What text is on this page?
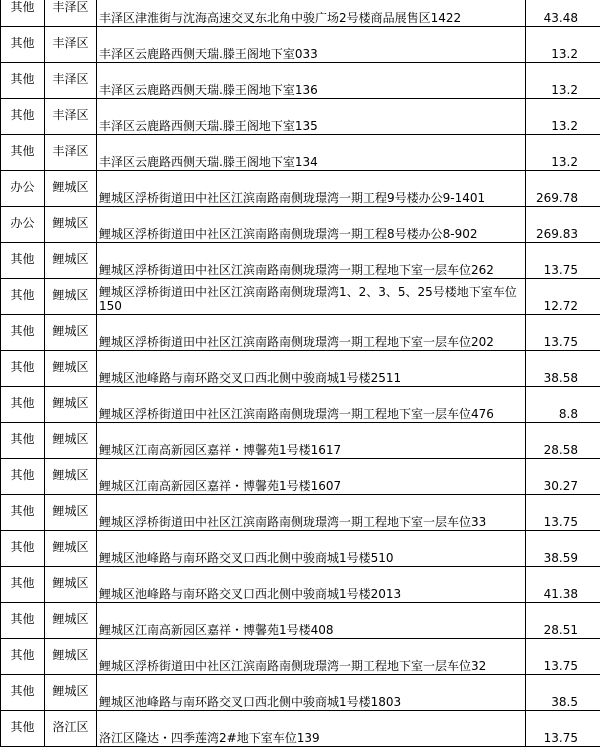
其他	丰泽区	丰泽区津淮街与沈海高速交叉东北角中骏广场2号楼商品展售区1422	43.48
其他	丰泽区	丰泽区云鹿路西侧天瑞.滕王阁地下室033	13.2
其他	丰泽区	丰泽区云鹿路西侧天瑞.滕王阁地下室136	13.2
其他	丰泽区	丰泽区云鹿路西侧天瑞.滕王阁地下室135	13.2
其他	丰泽区	丰泽区云鹿路西侧天瑞.滕王阁地下室134	13.2
办公	鲤城区	鲤城区浮桥街道田中社区江滨南路南侧珑璟湾一期工程9号楼办公9-1401	269.78
办公	鲤城区	鲤城区浮桥街道田中社区江滨南路南侧珑璟湾一期工程8号楼办公8-902	269.83
其他	鲤城区	鲤城区浮桥街道田中社区江滨南路南侧珑璟湾一期工程地下室一层车位262	13.75
其他	鲤城区	鲤城区浮桥街道田中社区江滨南路南侧珑璟湾1、2、3、5、25号楼地下室车位150	12.72
其他	鲤城区	鲤城区浮桥街道田中社区江滨南路南侧珑璟湾一期工程地下室一层车位202	13.75
其他	鲤城区	鲤城区池峰路与南环路交叉口西北侧中骏商城1号楼2511	38.58
其他	鲤城区	鲤城区浮桥街道田中社区江滨南路南侧珑璟湾一期工程地下室一层车位476	8.8
其他	鲤城区	鲤城区江南高新园区嘉祥・博馨苑1号楼1617	28.58
其他	鲤城区	鲤城区江南高新园区嘉祥・博馨苑1号楼1607	30.27
其他	鲤城区	鲤城区浮桥街道田中社区江滨南路南侧珑璟湾一期工程地下室一层车位33	13.75
其他	鲤城区	鲤城区池峰路与南环路交叉口西北侧中骏商城1号楼510	38.59
其他	鲤城区	鲤城区池峰路与南环路交叉口西北侧中骏商城1号楼2013	41.38
其他	鲤城区	鲤城区江南高新园区嘉祥・博馨苑1号楼408	28.51
其他	鲤城区	鲤城区浮桥街道田中社区江滨南路南侧珑璟湾一期工程地下室一层车位32	13.75
其他	鲤城区	鲤城区池峰路与南环路交叉口西北侧中骏商城1号楼1803	38.5
其他	洛江区	洛江区隆达・四季莲湾2#地下室车位139	13.75
